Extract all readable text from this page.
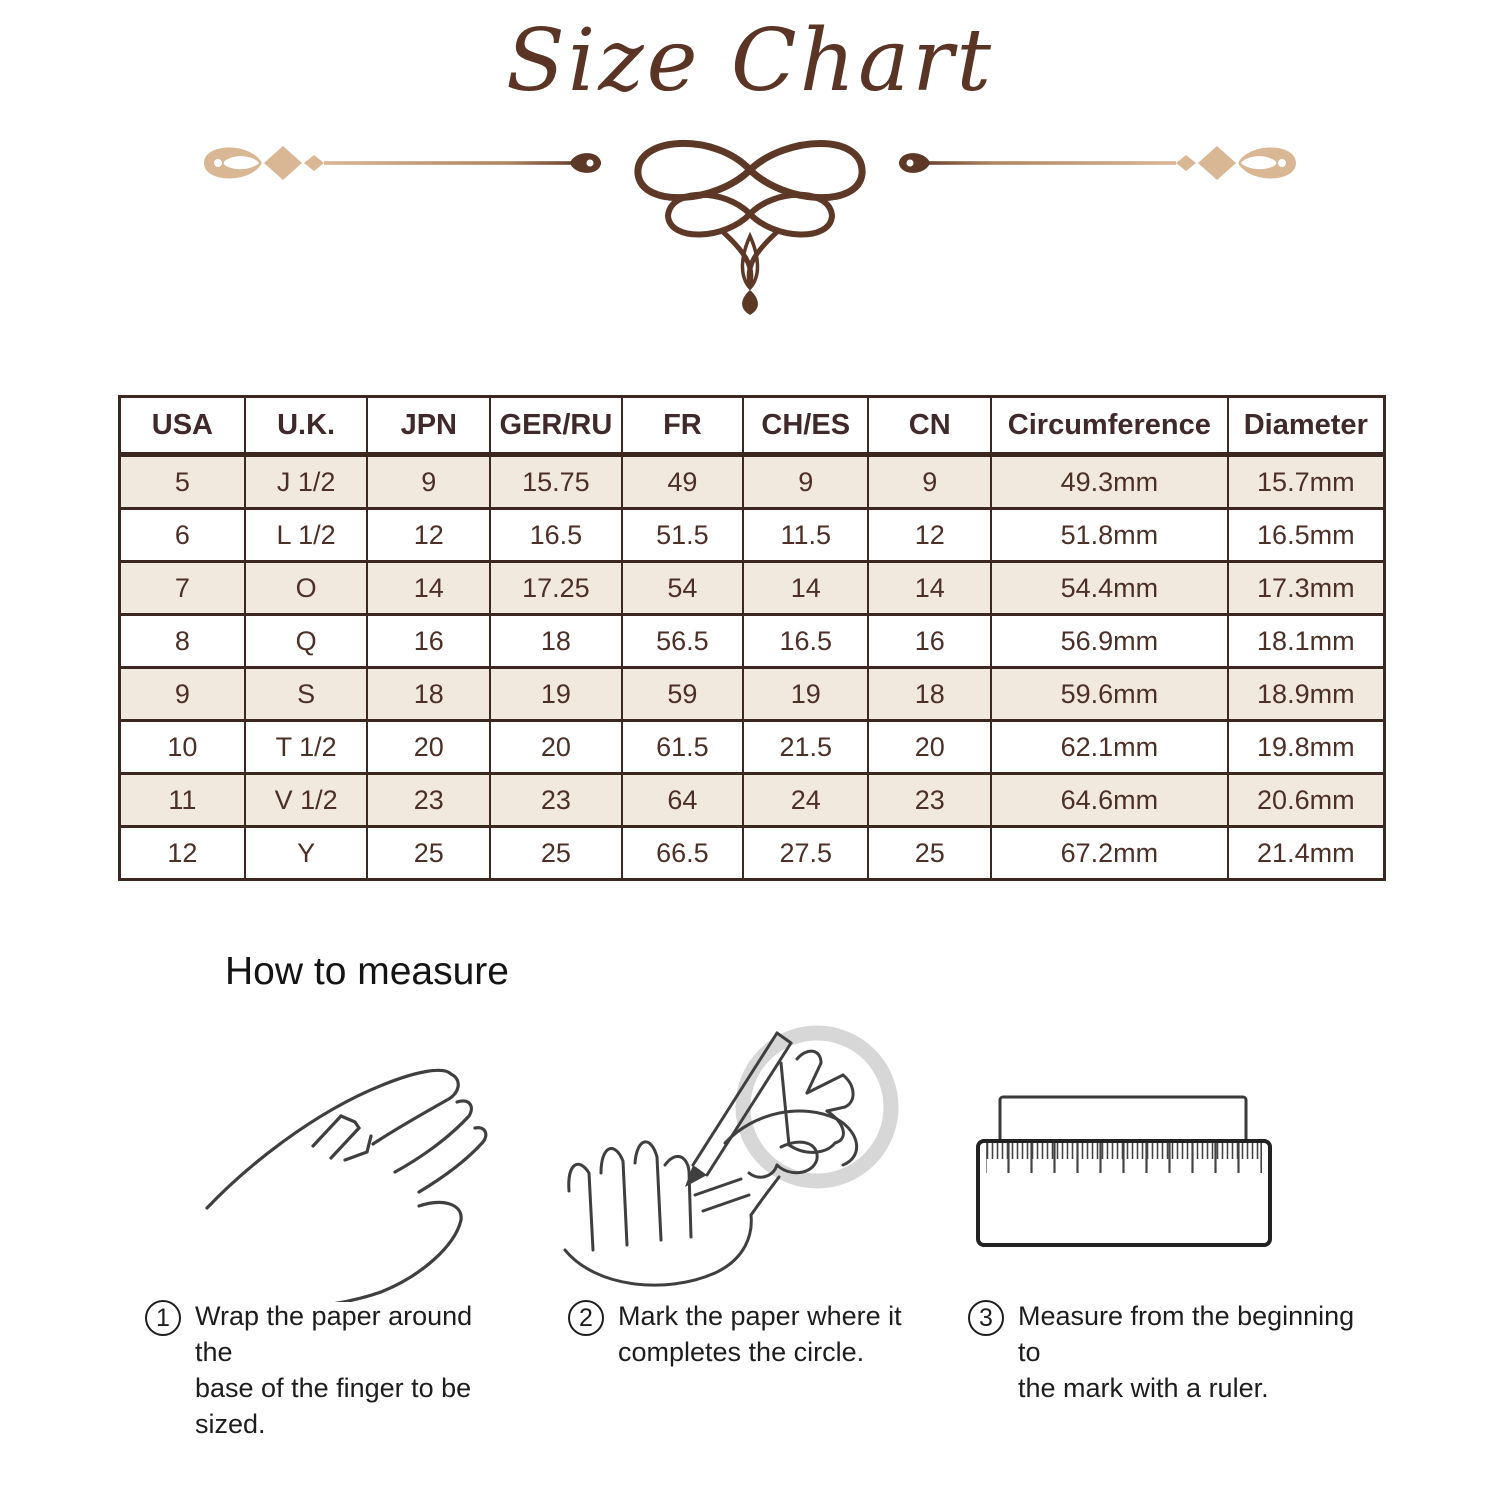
Size Chart
USA	U.K.	JPN	GER/RU	FR	CH/ES	CN	Circumference	Diameter
5	J 1/2	9	15.75	49	9	9	49.3mm	15.7mm
6	L 1/2	12	16.5	51.5	11.5	12	51.8mm	16.5mm
7	O	14	17.25	54	14	14	54.4mm	17.3mm
8	Q	16	18	56.5	16.5	16	56.9mm	18.1mm
9	S	18	19	59	19	18	59.6mm	18.9mm
10	T 1/2	20	20	61.5	21.5	20	62.1mm	19.8mm
11	V 1/2	23	23	64	24	23	64.6mm	20.6mm
12	Y	25	25	66.5	27.5	25	67.2mm	21.4mm
How to measure
1 Wrap the paper around the
base of the finger to be sized.
2 Mark the paper where it
completes the circle.
3 Measure from the beginning to
the mark with a ruler.
